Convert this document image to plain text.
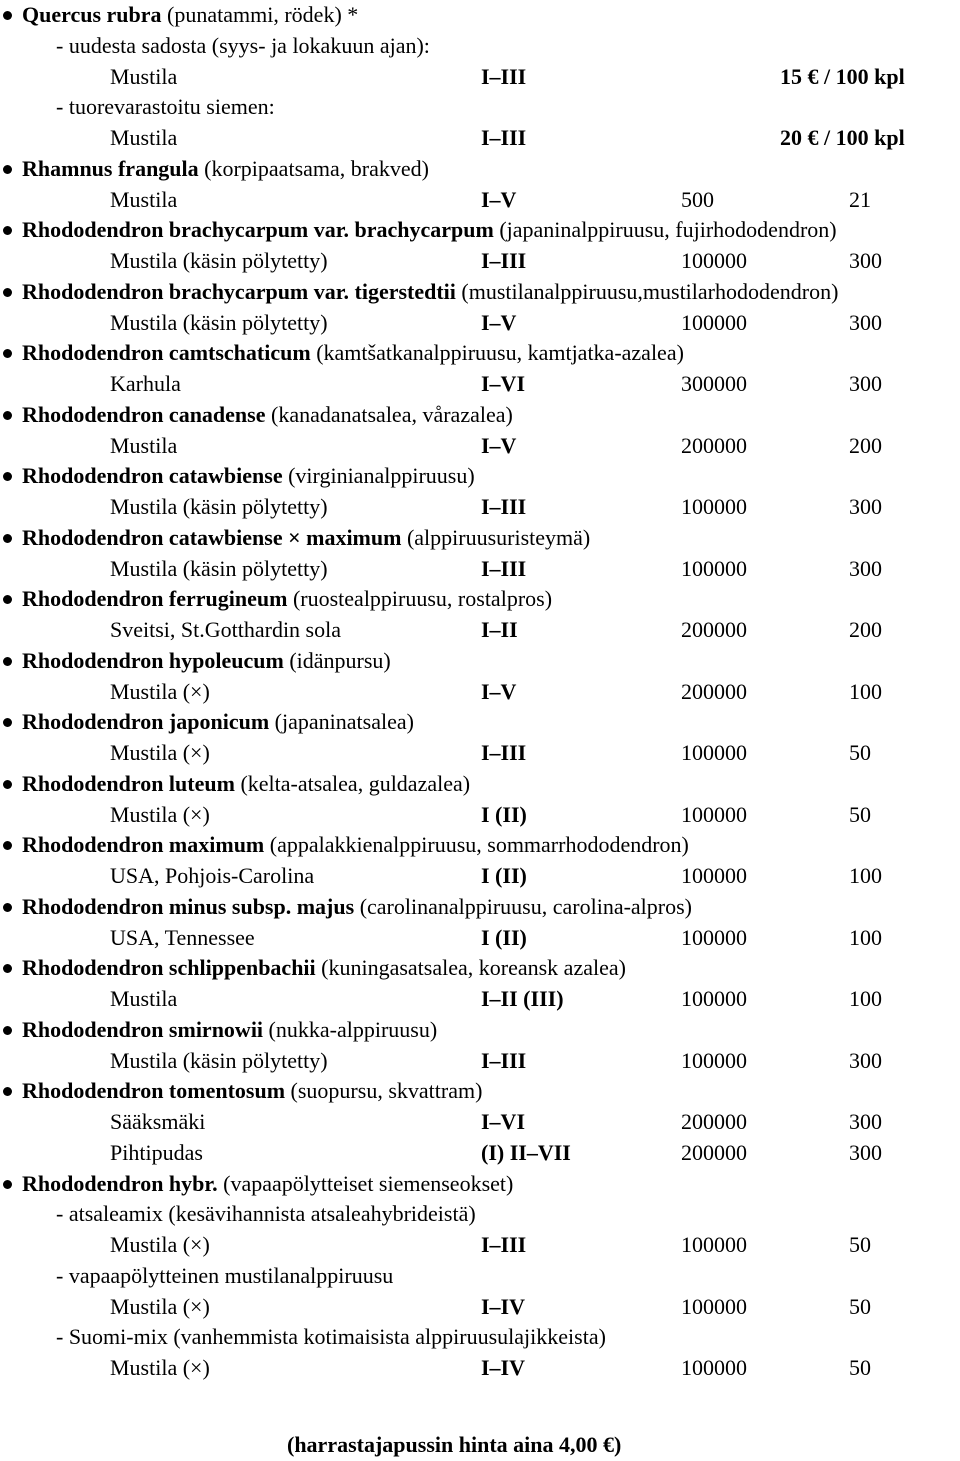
Quercus rubra (punatammi, rödek) *
- uudesta sadosta (syys- ja lokakuun ajan):
Mustila	I–III	15 € / 100 kpl
- tuorevarastoitu siemen:
Mustila	I–III	20 € / 100 kpl
Rhamnus frangula (korpipaatsama, brakved)
Mustila	I–V	500	21
Rhododendron brachycarpum var. brachycarpum (japaninalppiruusu, fujirhododendron)
Mustila (käsin pölytetty)	I–III	100000	300
Rhododendron brachycarpum var. tigerstedtii (mustilanalppiruusu,mustilarhododendron)
Mustila (käsin pölytetty)	I–V	100000	300
Rhododendron camtschaticum (kamtšatkanalppiruusu, kamtjatka-azalea)
Karhula	I–VI	300000	300
Rhododendron canadense (kanadanatsalea, vårazalea)
Mustila	I–V	200000	200
Rhododendron catawbiense (virginianalppiruusu)
Mustila (käsin pölytetty)	I–III	100000	300
Rhododendron catawbiense × maximum (alppiruusuristeymä)
Mustila (käsin pölytetty)	I–III	100000	300
Rhododendron ferrugineum (ruostealppiruusu, rostalpros)
Sveitsi, St.Gotthardin sola	I–II	200000	200
Rhododendron hypoleucum (idänpursu)
Mustila (×)	I–V	200000	100
Rhododendron japonicum (japaninatsalea)
Mustila (×)	I–III	100000	50
Rhododendron luteum (kelta-atsalea, guldazalea)
Mustila (×)	I (II)	100000	50
Rhododendron maximum (appalakkienalppiruusu, sommarrhododendron)
USA, Pohjois-Carolina	I (II)	100000	100
Rhododendron minus subsp. majus (carolinanalppiruusu, carolina-alpros)
USA, Tennessee	I (II)	100000	100
Rhododendron schlippenbachii (kuningasatsalea, koreansk azalea)
Mustila	I–II (III)	100000	100
Rhododendron smirnowii (nukka-alppiruusu)
Mustila (käsin pölytetty)	I–III	100000	300
Rhododendron tomentosum (suopursu, skvattram)
Sääksmäki	I–VI	200000	300
Pihtipudas	(I) II–VII	200000	300
Rhododendron hybr. (vapaapölytteiset siemenseokset)
- atsaleamix (kesävihannista atsaleahybrideistä)
Mustila (×)	I–III	100000	50
- vapaapölytteinen mustilanalppiruusu
Mustila (×)	I–IV	100000	50
- Suomi-mix (vanhemmista kotimaisista alppiruusulajikkeista)
Mustila (×)	I–IV	100000	50
(harrastajapussin hinta aina 4,00 €)
